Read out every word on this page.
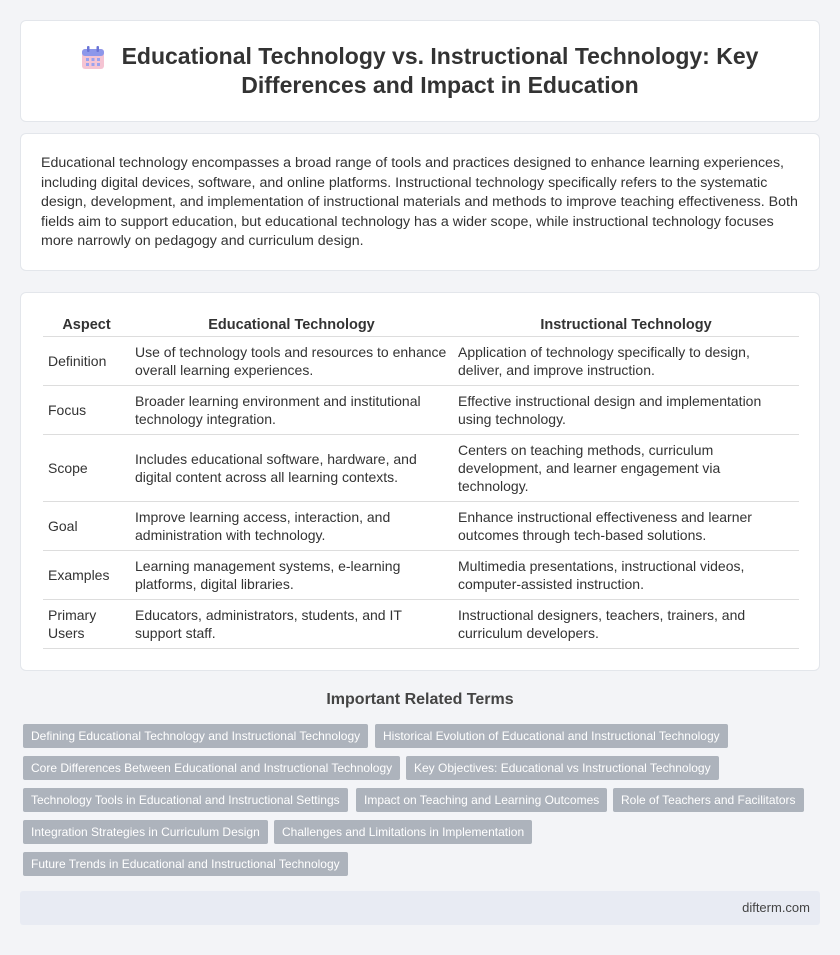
Educational Technology vs. Instructional Technology: Key Differences and Impact in Education

Educational technology encompasses a broad range of tools and practices designed to enhance learning experiences, including digital devices, software, and online platforms. Instructional technology specifically refers to the systematic design, development, and implementation of instructional materials and methods to improve teaching effectiveness. Both fields aim to support education, but educational technology has a wider scope, while instructional technology focuses more narrowly on pedagogy and curriculum design.

Aspect	Educational Technology	Instructional Technology
Definition	Use of technology tools and resources to enhance overall learning experiences.	Application of technology specifically to design, deliver, and improve instruction.
Focus	Broader learning environment and institutional technology integration.	Effective instructional design and implementation using technology.
Scope	Includes educational software, hardware, and digital content across all learning contexts.	Centers on teaching methods, curriculum development, and learner engagement via technology.
Goal	Improve learning access, interaction, and administration with technology.	Enhance instructional effectiveness and learner outcomes through tech-based solutions.
Examples	Learning management systems, e-learning platforms, digital libraries.	Multimedia presentations, instructional videos, computer-assisted instruction.
Primary Users	Educators, administrators, students, and IT support staff.	Instructional designers, teachers, trainers, and curriculum developers.
Important Related Terms
Defining Educational Technology and Instructional Technology	Historical Evolution of Educational and Instructional Technology
Core Differences Between Educational and Instructional Technology	Key Objectives: Educational vs Instructional Technology
Technology Tools in Educational and Instructional Settings	Impact on Teaching and Learning Outcomes	Role of Teachers and Facilitators
Integration Strategies in Curriculum Design	Challenges and Limitations in Implementation
Future Trends in Educational and Instructional Technology
difterm.com
